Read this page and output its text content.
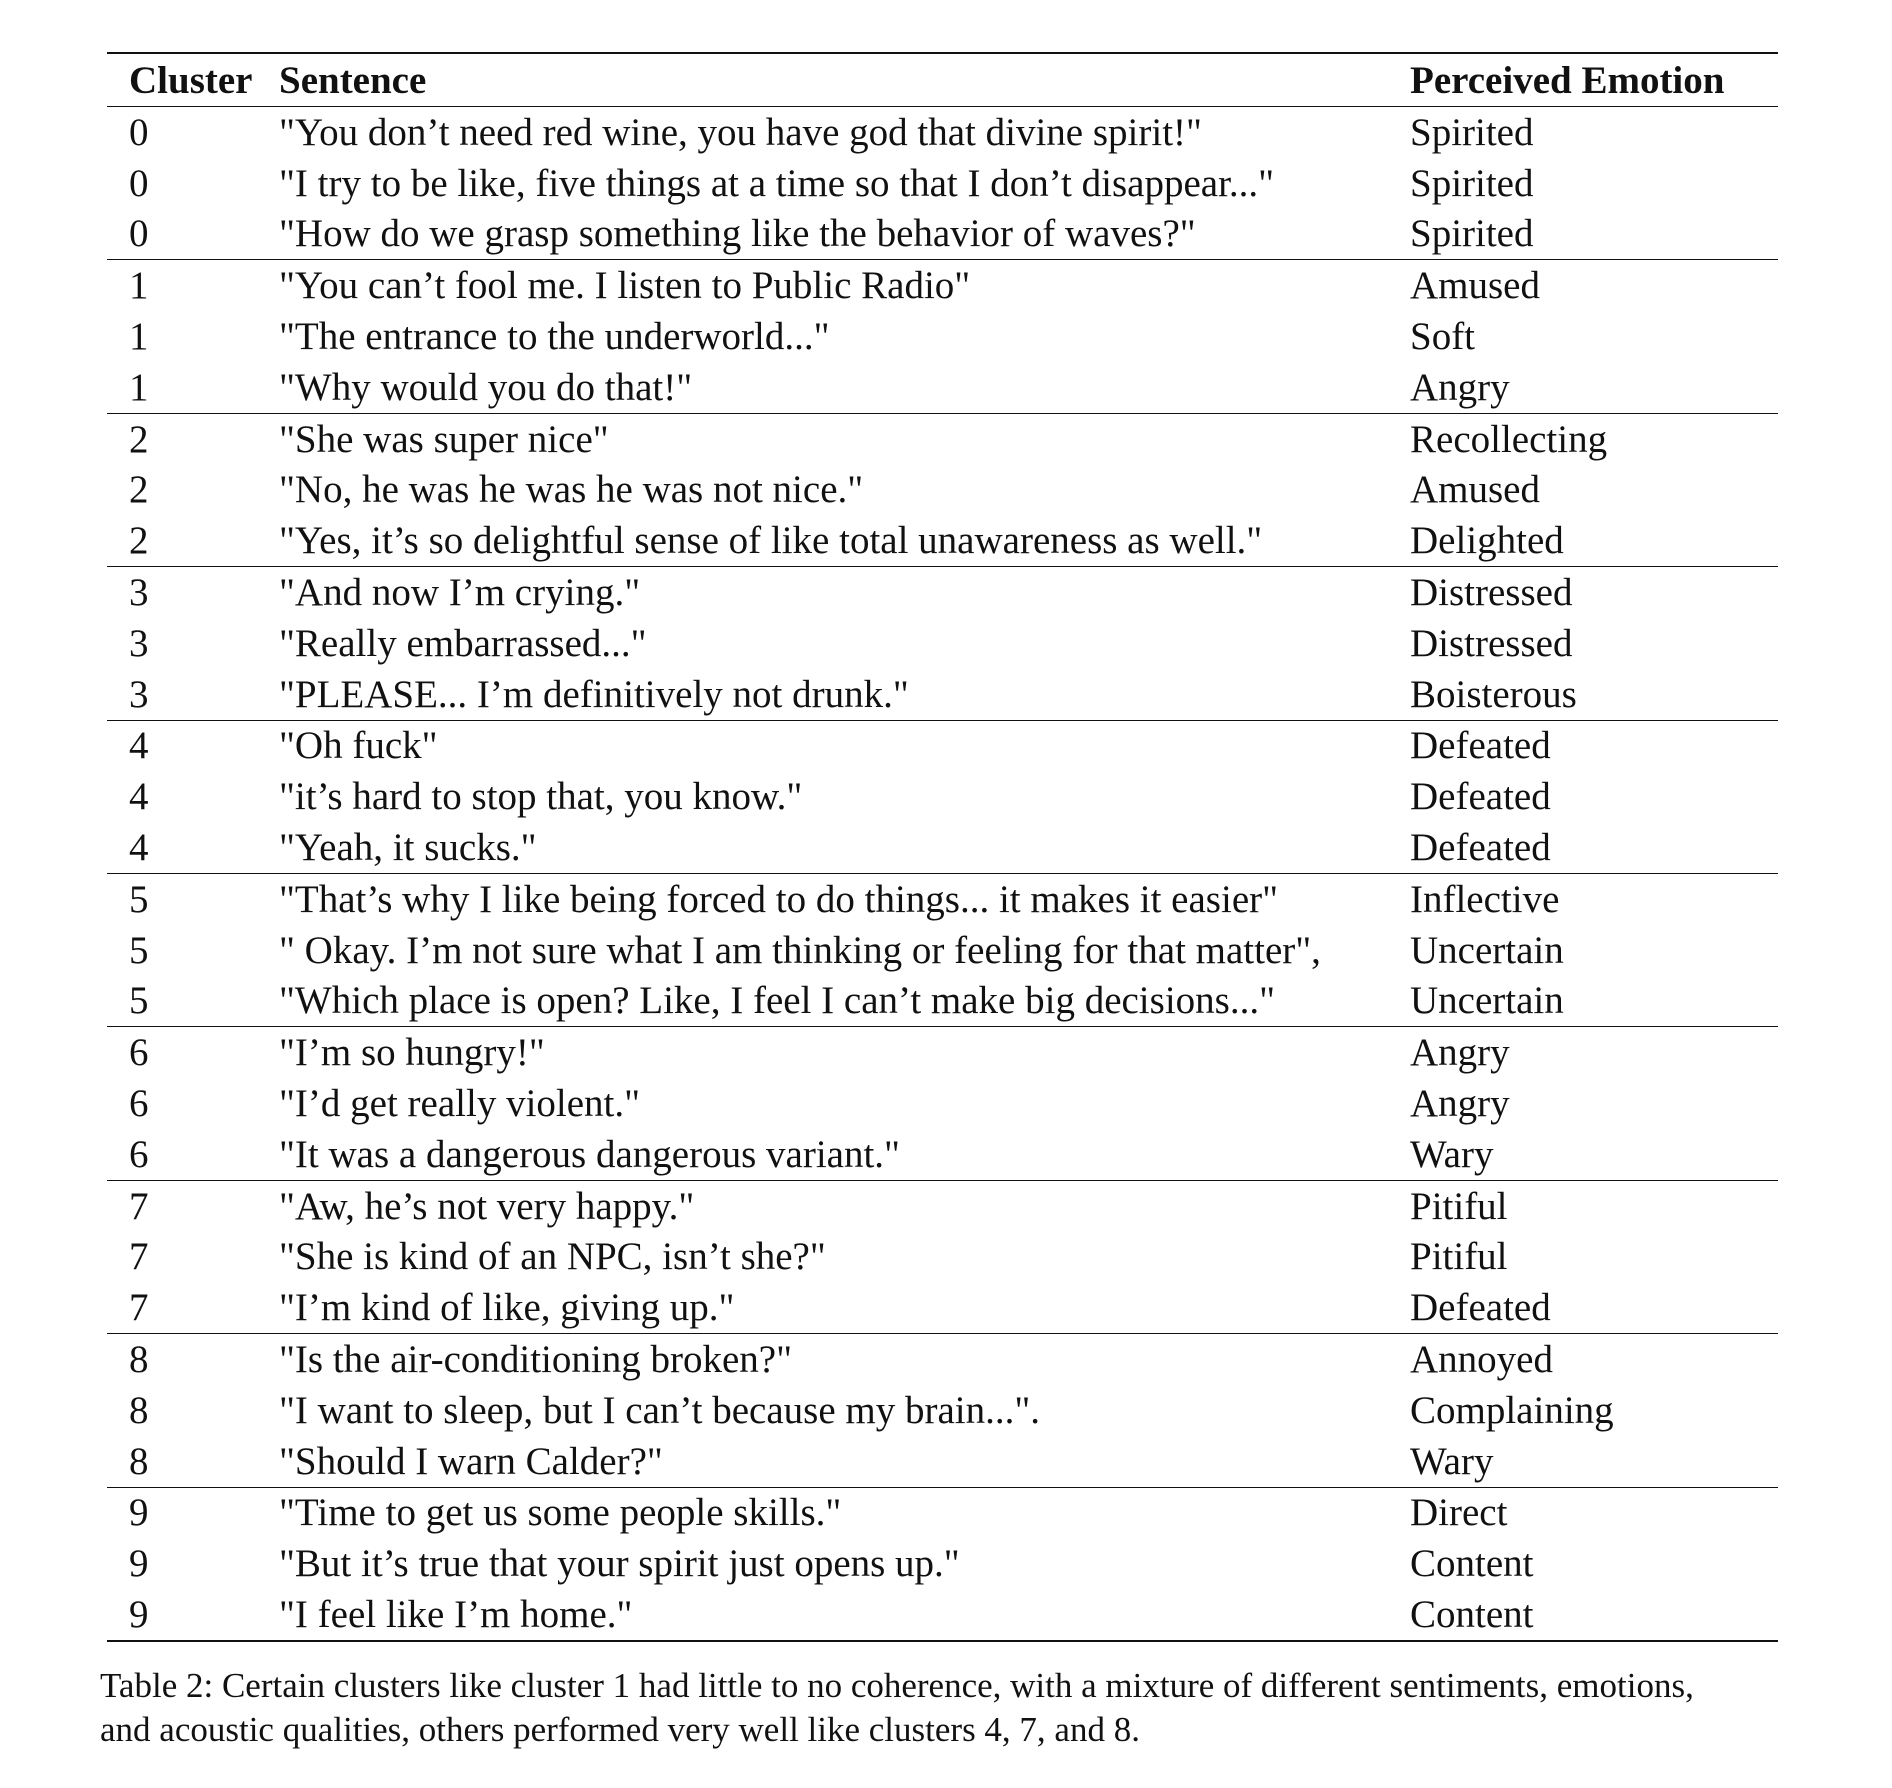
Cluster	Sentence	Perceived Emotion
0	"You don’t need red wine, you have god that divine spirit!"	Spirited
0	"I try to be like, five things at a time so that I don’t disappear..."	Spirited
0	"How do we grasp something like the behavior of waves?"	Spirited
1	"You can’t fool me. I listen to Public Radio"	Amused
1	"The entrance to the underworld..."	Soft
1	"Why would you do that!"	Angry
2	"She was super nice"	Recollecting
2	"No, he was he was he was not nice."	Amused
2	"Yes, it’s so delightful sense of like total unawareness as well."	Delighted
3	"And now I’m crying."	Distressed
3	"Really embarrassed..."	Distressed
3	"PLEASE... I’m definitively not drunk."	Boisterous
4	"Oh fuck"	Defeated
4	"it’s hard to stop that, you know."	Defeated
4	"Yeah, it sucks."	Defeated
5	"That’s why I like being forced to do things... it makes it easier"	Inflective
5	" Okay. I’m not sure what I am thinking or feeling for that matter",	Uncertain
5	"Which place is open? Like, I feel I can’t make big decisions..."	Uncertain
6	"I’m so hungry!"	Angry
6	"I’d get really violent."	Angry
6	"It was a dangerous dangerous variant."	Wary
7	"Aw, he’s not very happy."	Pitiful
7	"She is kind of an NPC, isn’t she?"	Pitiful
7	"I’m kind of like, giving up."	Defeated
8	"Is the air-conditioning broken?"	Annoyed
8	"I want to sleep, but I can’t because my brain...".	Complaining
8	"Should I warn Calder?"	Wary
9	"Time to get us some people skills."	Direct
9	"But it’s true that your spirit just opens up."	Content
9	"I feel like I’m home."	Content
Table 2: Certain clusters like cluster 1 had little to no coherence, with a mixture of different sentiments, emotions,
and acoustic qualities, others performed very well like clusters 4, 7, and 8.
